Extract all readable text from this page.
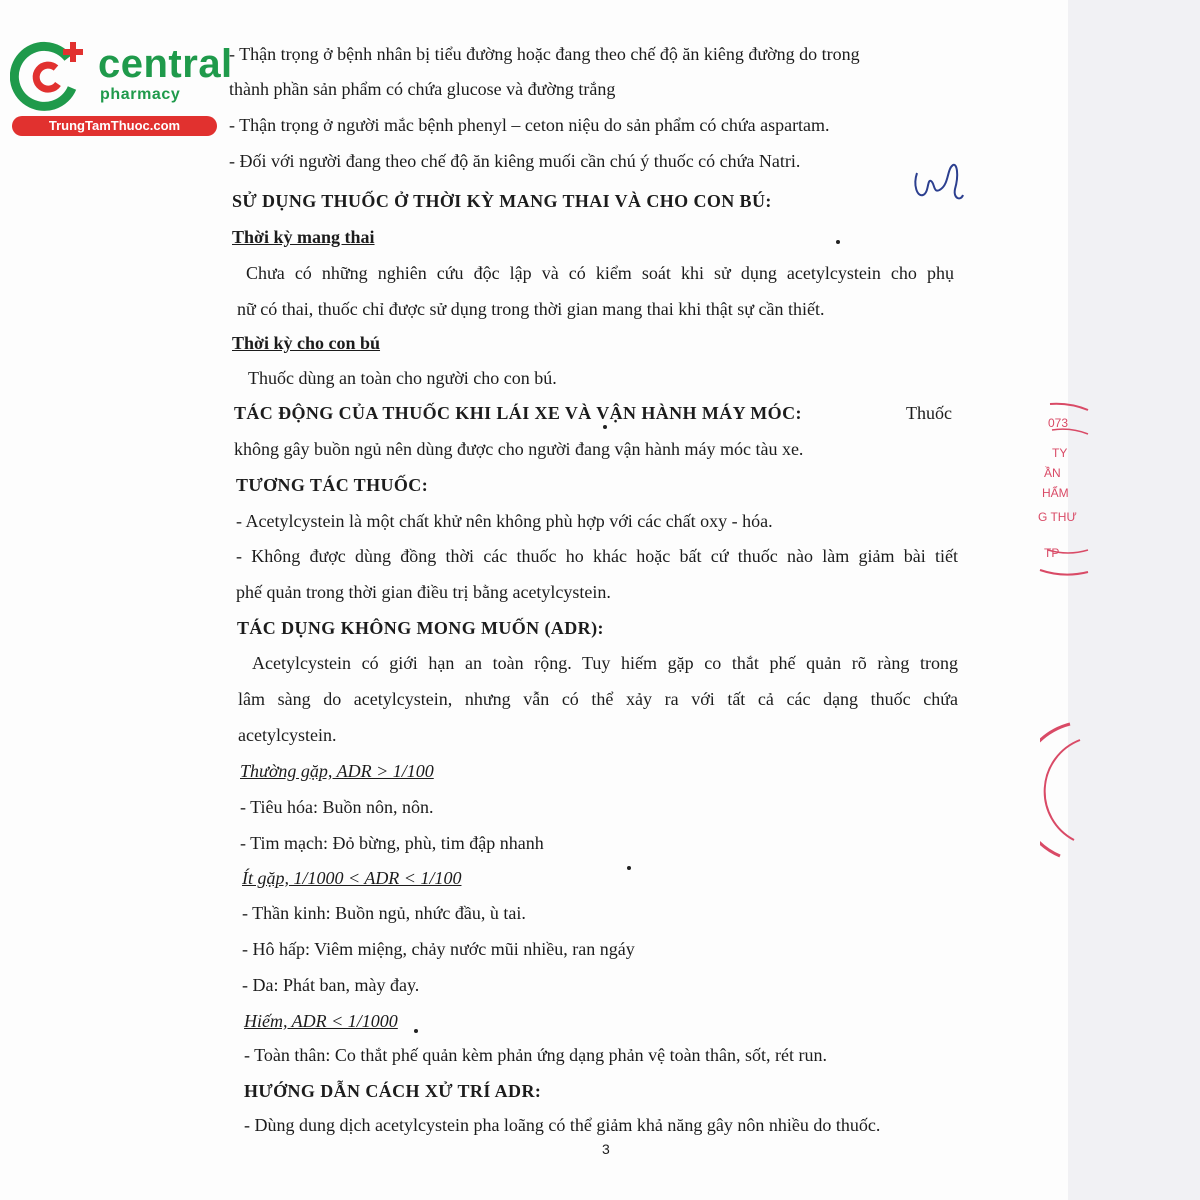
central
pharmacy
TrungTamThuoc.com
- Thận trọng ở bệnh nhân bị tiểu đường hoặc đang theo chế độ ăn kiêng đường do trong
thành phần sản phẩm có chứa glucose và đường trắng
- Thận trọng ở người mắc bệnh phenyl – ceton niệu do sản phẩm có chứa aspartam.
- Đối với người đang theo chế độ ăn kiêng muối cần chú ý thuốc có chứa Natri.
SỬ DỤNG THUỐC Ở THỜI KỲ MANG THAI VÀ CHO CON BÚ:
Thời kỳ mang thai
Chưa có những nghiên cứu độc lập và có kiểm soát khi sử dụng acetylcystein cho phụ
nữ có thai, thuốc chỉ được sử dụng trong thời gian mang thai khi thật sự cần thiết.
Thời kỳ cho con bú
Thuốc dùng an toàn cho người cho con bú.
TÁC ĐỘNG CỦA THUỐC KHI LÁI XE VÀ VẬN HÀNH MÁY MÓC:	Thuốc
không gây buồn ngủ nên dùng được cho người đang vận hành máy móc tàu xe.
TƯƠNG TÁC THUỐC:
- Acetylcystein là một chất khử nên không phù hợp với các chất oxy - hóa.
- Không được dùng đồng thời các thuốc ho khác hoặc bất cứ thuốc nào làm giảm bài tiết
phế quản trong thời gian điều trị bằng acetylcystein.
TÁC DỤNG KHÔNG MONG MUỐN (ADR):
Acetylcystein có giới hạn an toàn rộng. Tuy hiếm gặp co thắt phế quản rõ ràng trong
lâm sàng do acetylcystein, nhưng vẫn có thể xảy ra với tất cả các dạng thuốc chứa
acetylcystein.
Thường gặp, ADR > 1/100
- Tiêu hóa: Buồn nôn, nôn.
- Tim mạch: Đỏ bừng, phù, tim đập nhanh
Ít gặp, 1/1000 < ADR < 1/100
- Thần kinh: Buồn ngủ, nhức đầu, ù tai.
- Hô hấp: Viêm miệng, chảy nước mũi nhiều, ran ngáy
- Da: Phát ban, mày đay.
Hiếm, ADR < 1/1000
- Toàn thân: Co thắt phế quản kèm phản ứng dạng phản vệ toàn thân, sốt, rét run.
HƯỚNG DẪN CÁCH XỬ TRÍ ADR:
- Dùng dung dịch acetylcystein pha loãng có thể giảm khả năng gây nôn nhiều do thuốc.
3
073
TY
ẦN
HẨM
G THƯ
TP
